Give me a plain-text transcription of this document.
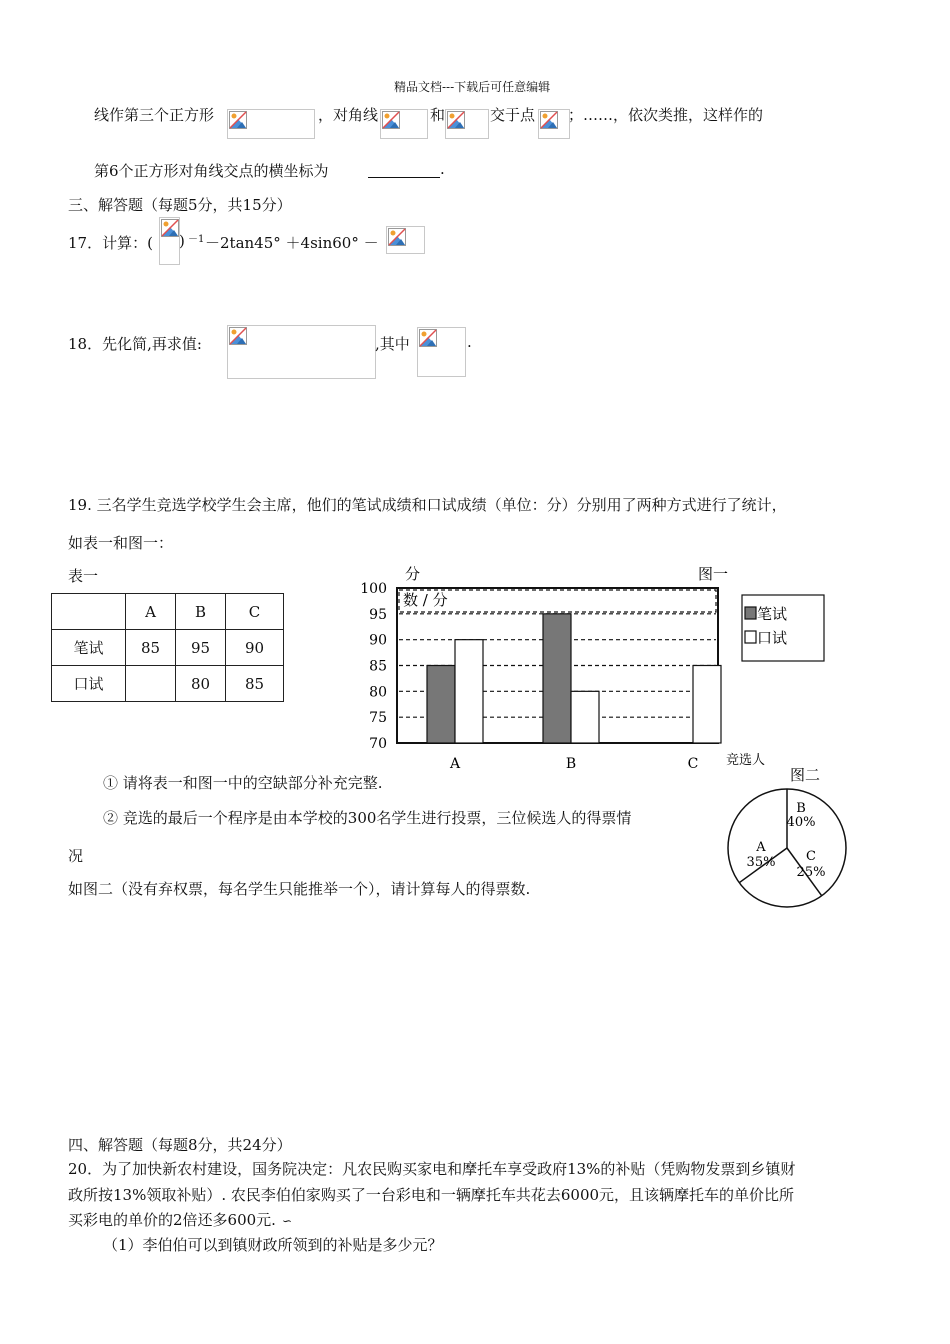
精品文档---下载后可任意编辑
线作第三个正方形	，对角线	和	交于点 ；……，依次类推，这样作的
第6个正方形对角线交点的横坐标为	.
三、解答题（每题5分，共15分）
17．计算：( ) －1 －2tan45° ＋4sin60° －
18．先化简,再求值:	,其中	.
19. 三名学生竞选学校学生会主席，他们的笔试成绩和口试成绩（单位：分）分别用了两种方式进行了统计，
如表一和图一：
表一
	A	B	C
笔试	85	95	90
口试		80	85
分	图一
数 / 分
100
95
90
85
80
75
70
A	B	C 竞选人
笔试
口试
① 请将表一和图一中的空缺部分补充完整.
② 竞选的最后一个程序是由本学校的300名学生进行投票，三位候选人的得票情
况
如图二（没有弃权票，每名学生只能推举一个），请计算每人的得票数.
图二
B
40%
C
25%
A
35%
四、解答题（每题8分，共24分）
20．为了加快新农村建设，国务院决定：凡农民购买家电和摩托车享受政府13%的补贴（凭购物发票到乡镇财
政所按13%领取补贴）. 农民李伯伯家购买了一台彩电和一辆摩托车共花去6000元，且该辆摩托车的单价比所
买彩电的单价的2倍还多600元. ∽
（1）李伯伯可以到镇财政所领到的补贴是多少元？
